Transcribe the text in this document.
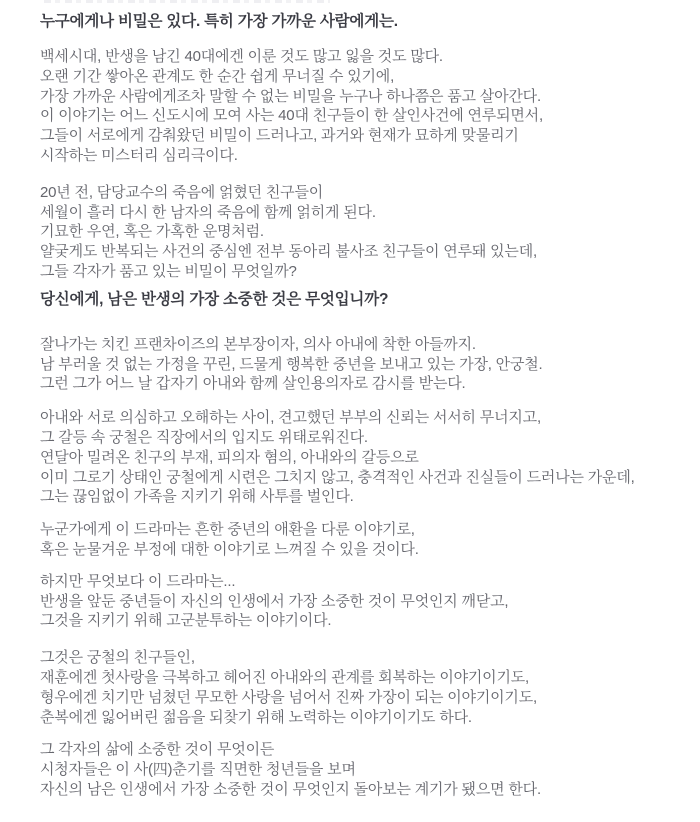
누구에게나 비밀은 있다. 특히 가장 가까운 사람에게는.
백세시대, 반생을 남긴 40대에겐 이룬 것도 많고 잃을 것도 많다.
오랜 기간 쌓아온 관계도 한 순간 쉽게 무너질 수 있기에,
가장 가까운 사람에게조차 말할 수 없는 비밀을 누구나 하나쯤은 품고 살아간다.
이 이야기는 어느 신도시에 모여 사는 40대 친구들이 한 살인사건에 연루되면서,
그들이 서로에게 감춰왔던 비밀이 드러나고, 과거와 현재가 묘하게 맞물리기
시작하는 미스터리 심리극이다.
20년 전, 담당교수의 죽음에 얽혔던 친구들이
세월이 흘러 다시 한 남자의 죽음에 함께 얽히게 된다.
기묘한 우연, 혹은 가혹한 운명처럼.
얄궂게도 반복되는 사건의 중심엔 전부 동아리 불사조 친구들이 연루돼 있는데,
그들 각자가 품고 있는 비밀이 무엇일까?
당신에게, 남은 반생의 가장 소중한 것은 무엇입니까?
잘나가는 치킨 프랜차이즈의 본부장이자, 의사 아내에 착한 아들까지.
남 부러울 것 없는 가정을 꾸린, 드물게 행복한 중년을 보내고 있는 가장, 안궁철.
그런 그가 어느 날 갑자기 아내와 함께 살인용의자로 감시를 받는다.
아내와 서로 의심하고 오해하는 사이, 견고했던 부부의 신뢰는 서서히 무너지고,
그 갈등 속 궁철은 직장에서의 입지도 위태로워진다.
연달아 밀려온 친구의 부재, 피의자 혐의, 아내와의 갈등으로
이미 그로기 상태인 궁철에게 시련은 그치지 않고, 충격적인 사건과 진실들이 드러나는 가운데,
그는 끊임없이 가족을 지키기 위해 사투를 벌인다.
누군가에게 이 드라마는 흔한 중년의 애환을 다룬 이야기로,
혹은 눈물겨운 부정에 대한 이야기로 느껴질 수 있을 것이다.
하지만 무엇보다 이 드라마는...
반생을 앞둔 중년들이 자신의 인생에서 가장 소중한 것이 무엇인지 깨닫고,
그것을 지키기 위해 고군분투하는 이야기이다.
그것은 궁철의 친구들인,
재훈에겐 첫사랑을 극복하고 헤어진 아내와의 관계를 회복하는 이야기이기도,
형우에겐 치기만 넘쳤던 무모한 사랑을 넘어서 진짜 가장이 되는 이야기이기도,
춘복에겐 잃어버린 젊음을 되찾기 위해 노력하는 이야기이기도 하다.
그 각자의 삶에 소중한 것이 무엇이든
시청자들은 이 사(四)춘기를 직면한 청년들을 보며
자신의 남은 인생에서 가장 소중한 것이 무엇인지 돌아보는 계기가 됐으면 한다.
